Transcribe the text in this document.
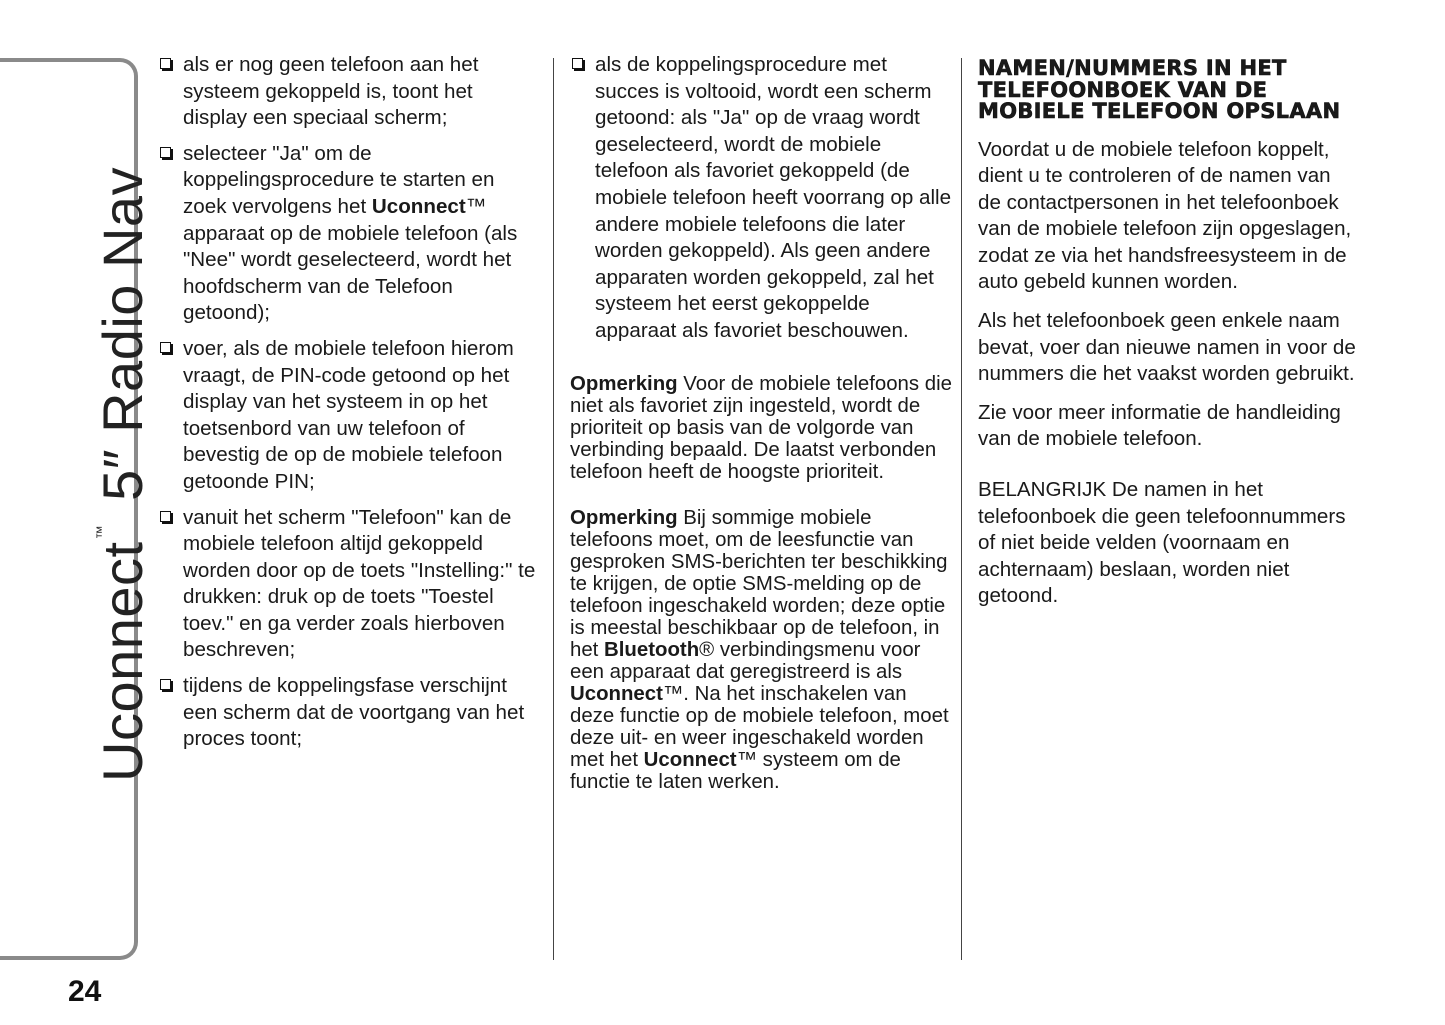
Uconnect™5″ Radio Nav
24
als er nog geen telefoon aan het systeem gekoppeld is, toont het display een speciaal scherm;
selecteer "Ja" om de koppelingsprocedure te starten en zoek vervolgens het Uconnect™ apparaat op de mobiele telefoon (als "Nee" wordt geselecteerd, wordt het hoofdscherm van de Telefoon getoond);
voer, als de mobiele telefoon hierom vraagt, de PIN-code getoond op het display van het systeem in op het toetsenbord van uw telefoon of bevestig de op de mobiele telefoon getoonde PIN;
vanuit het scherm "Telefoon" kan de mobiele telefoon altijd gekoppeld worden door op de toets "Instelling:" te drukken: druk op de toets "Toestel toev." en ga verder zoals hierboven beschreven;
tijdens de koppelingsfase verschijnt een scherm dat de voortgang van het proces toont;
als de koppelingsprocedure met succes is voltooid, wordt een scherm getoond: als "Ja" op de vraag wordt geselecteerd, wordt de mobiele telefoon als favoriet gekoppeld (de mobiele telefoon heeft voorrang op alle andere mobiele telefoons die later worden gekoppeld). Als geen andere apparaten worden gekoppeld, zal het systeem het eerst gekoppelde apparaat als favoriet beschouwen.

Opmerking Voor de mobiele telefoons die niet als favoriet zijn ingesteld, wordt de prioriteit op basis van de volgorde van verbinding bepaald. De laatst verbonden telefoon heeft de hoogste prioriteit.

Opmerking Bij sommige mobiele telefoons moet, om de leesfunctie van gesproken SMS-berichten ter beschikking te krijgen, de optie SMS-melding op de telefoon ingeschakeld worden; deze optie is meestal beschikbaar op de telefoon, in het Bluetooth® verbindingsmenu voor een apparaat dat geregistreerd is als Uconnect™. Na het inschakelen van deze functie op de mobiele telefoon, moet deze uit- en weer ingeschakeld worden met het Uconnect™ systeem om de functie te laten werken.

NAMEN/NUMMERS IN HET TELEFOONBOEK VAN DE MOBIELE TELEFOON OPSLAAN

Voordat u de mobiele telefoon koppelt, dient u te controleren of de namen van de contactpersonen in het telefoonboek van de mobiele telefoon zijn opgeslagen, zodat ze via het handsfreesysteem in de auto gebeld kunnen worden.

Als het telefoonboek geen enkele naam bevat, voer dan nieuwe namen in voor de nummers die het vaakst worden gebruikt.

Zie voor meer informatie de handleiding van de mobiele telefoon.

BELANGRIJK De namen in het telefoonboek die geen telefoonnummers of niet beide velden (voornaam en achternaam) beslaan, worden niet getoond.
